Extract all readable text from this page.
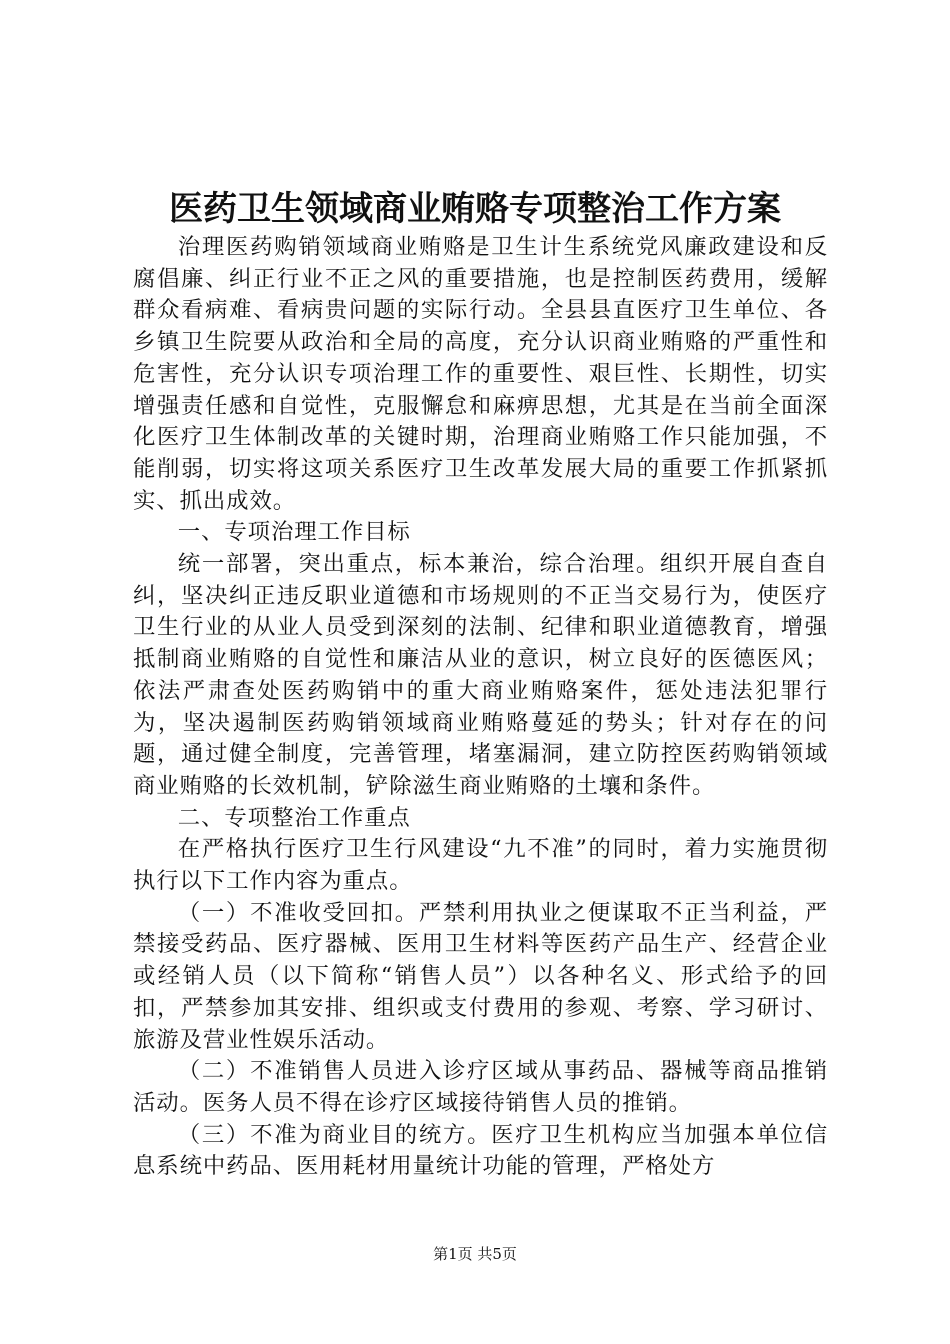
医药卫生领域商业贿赂专项整治工作方案

治理医药购销领域商业贿赂是卫生计生系统党风廉政建设和反腐倡廉、纠正行业不正之风的重要措施，也是控制医药费用，缓解群众看病难、看病贵问题的实际行动。全县县直医疗卫生单位、各乡镇卫生院要从政治和全局的高度，充分认识商业贿赂的严重性和危害性，充分认识专项治理工作的重要性、艰巨性、长期性，切实增强责任感和自觉性，克服懈怠和麻痹思想，尤其是在当前全面深化医疗卫生体制改革的关键时期，治理商业贿赂工作只能加强，不能削弱，切实将这项关系医疗卫生改革发展大局的重要工作抓紧抓实、抓出成效。

一、专项治理工作目标

统一部署，突出重点，标本兼治，综合治理。组织开展自查自纠，坚决纠正违反职业道德和市场规则的不正当交易行为，使医疗卫生行业的从业人员受到深刻的法制、纪律和职业道德教育，增强抵制商业贿赂的自觉性和廉洁从业的意识，树立良好的医德医风；依法严肃查处医药购销中的重大商业贿赂案件，惩处违法犯罪行为，坚决遏制医药购销领域商业贿赂蔓延的势头；针对存在的问题，通过健全制度，完善管理，堵塞漏洞，建立防控医药购销领域商业贿赂的长效机制，铲除滋生商业贿赂的土壤和条件。

二、专项整治工作重点

在严格执行医疗卫生行风建设“九不准”的同时，着力实施贯彻执行以下工作内容为重点。

（一）不准收受回扣。严禁利用执业之便谋取不正当利益，严禁接受药品、医疗器械、医用卫生材料等医药产品生产、经营企业或经销人员（以下简称“销售人员”）以各种名义、形式给予的回扣，严禁参加其安排、组织或支付费用的参观、考察、学习研讨、旅游及营业性娱乐活动。

（二）不准销售人员进入诊疗区域从事药品、器械等商品推销活动。医务人员不得在诊疗区域接待销售人员的推销。

（三）不准为商业目的统方。医疗卫生机构应当加强本单位信息系统中药品、医用耗材用量统计功能的管理，严格处方

第1页 共5页
